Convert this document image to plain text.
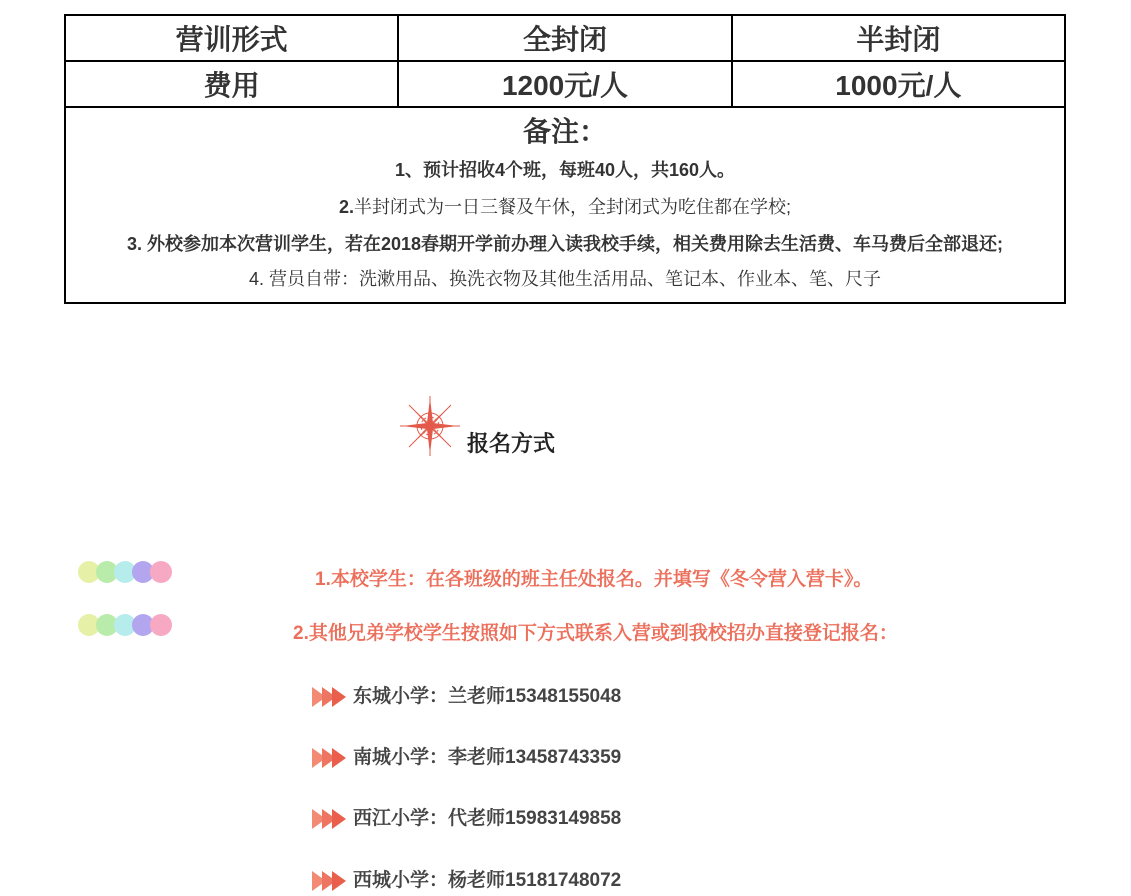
营训形式	全封闭	半封闭
费用	1200元/人	1000元/人

备注：
1、预计招收4个班，每班40人，共160人。
2.半封闭式为一日三餐及午休，全封闭式为吃住都在学校;
3. 外校参加本次营训学生，若在2018春期开学前办理入读我校手续，相关费用除去生活费、车马费后全部退还;
4. 营员自带：洗漱用品、换洗衣物及其他生活用品、笔记本、作业本、笔、尺子		
报名方式
1.本校学生：在各班级的班主任处报名。并填写《冬令营入营卡》。
2.其他兄弟学校学生按照如下方式联系入营或到我校招办直接登记报名：
东城小学：兰老师15348155048
南城小学：李老师13458743359
西江小学：代老师15983149858
西城小学：杨老师15181748072
